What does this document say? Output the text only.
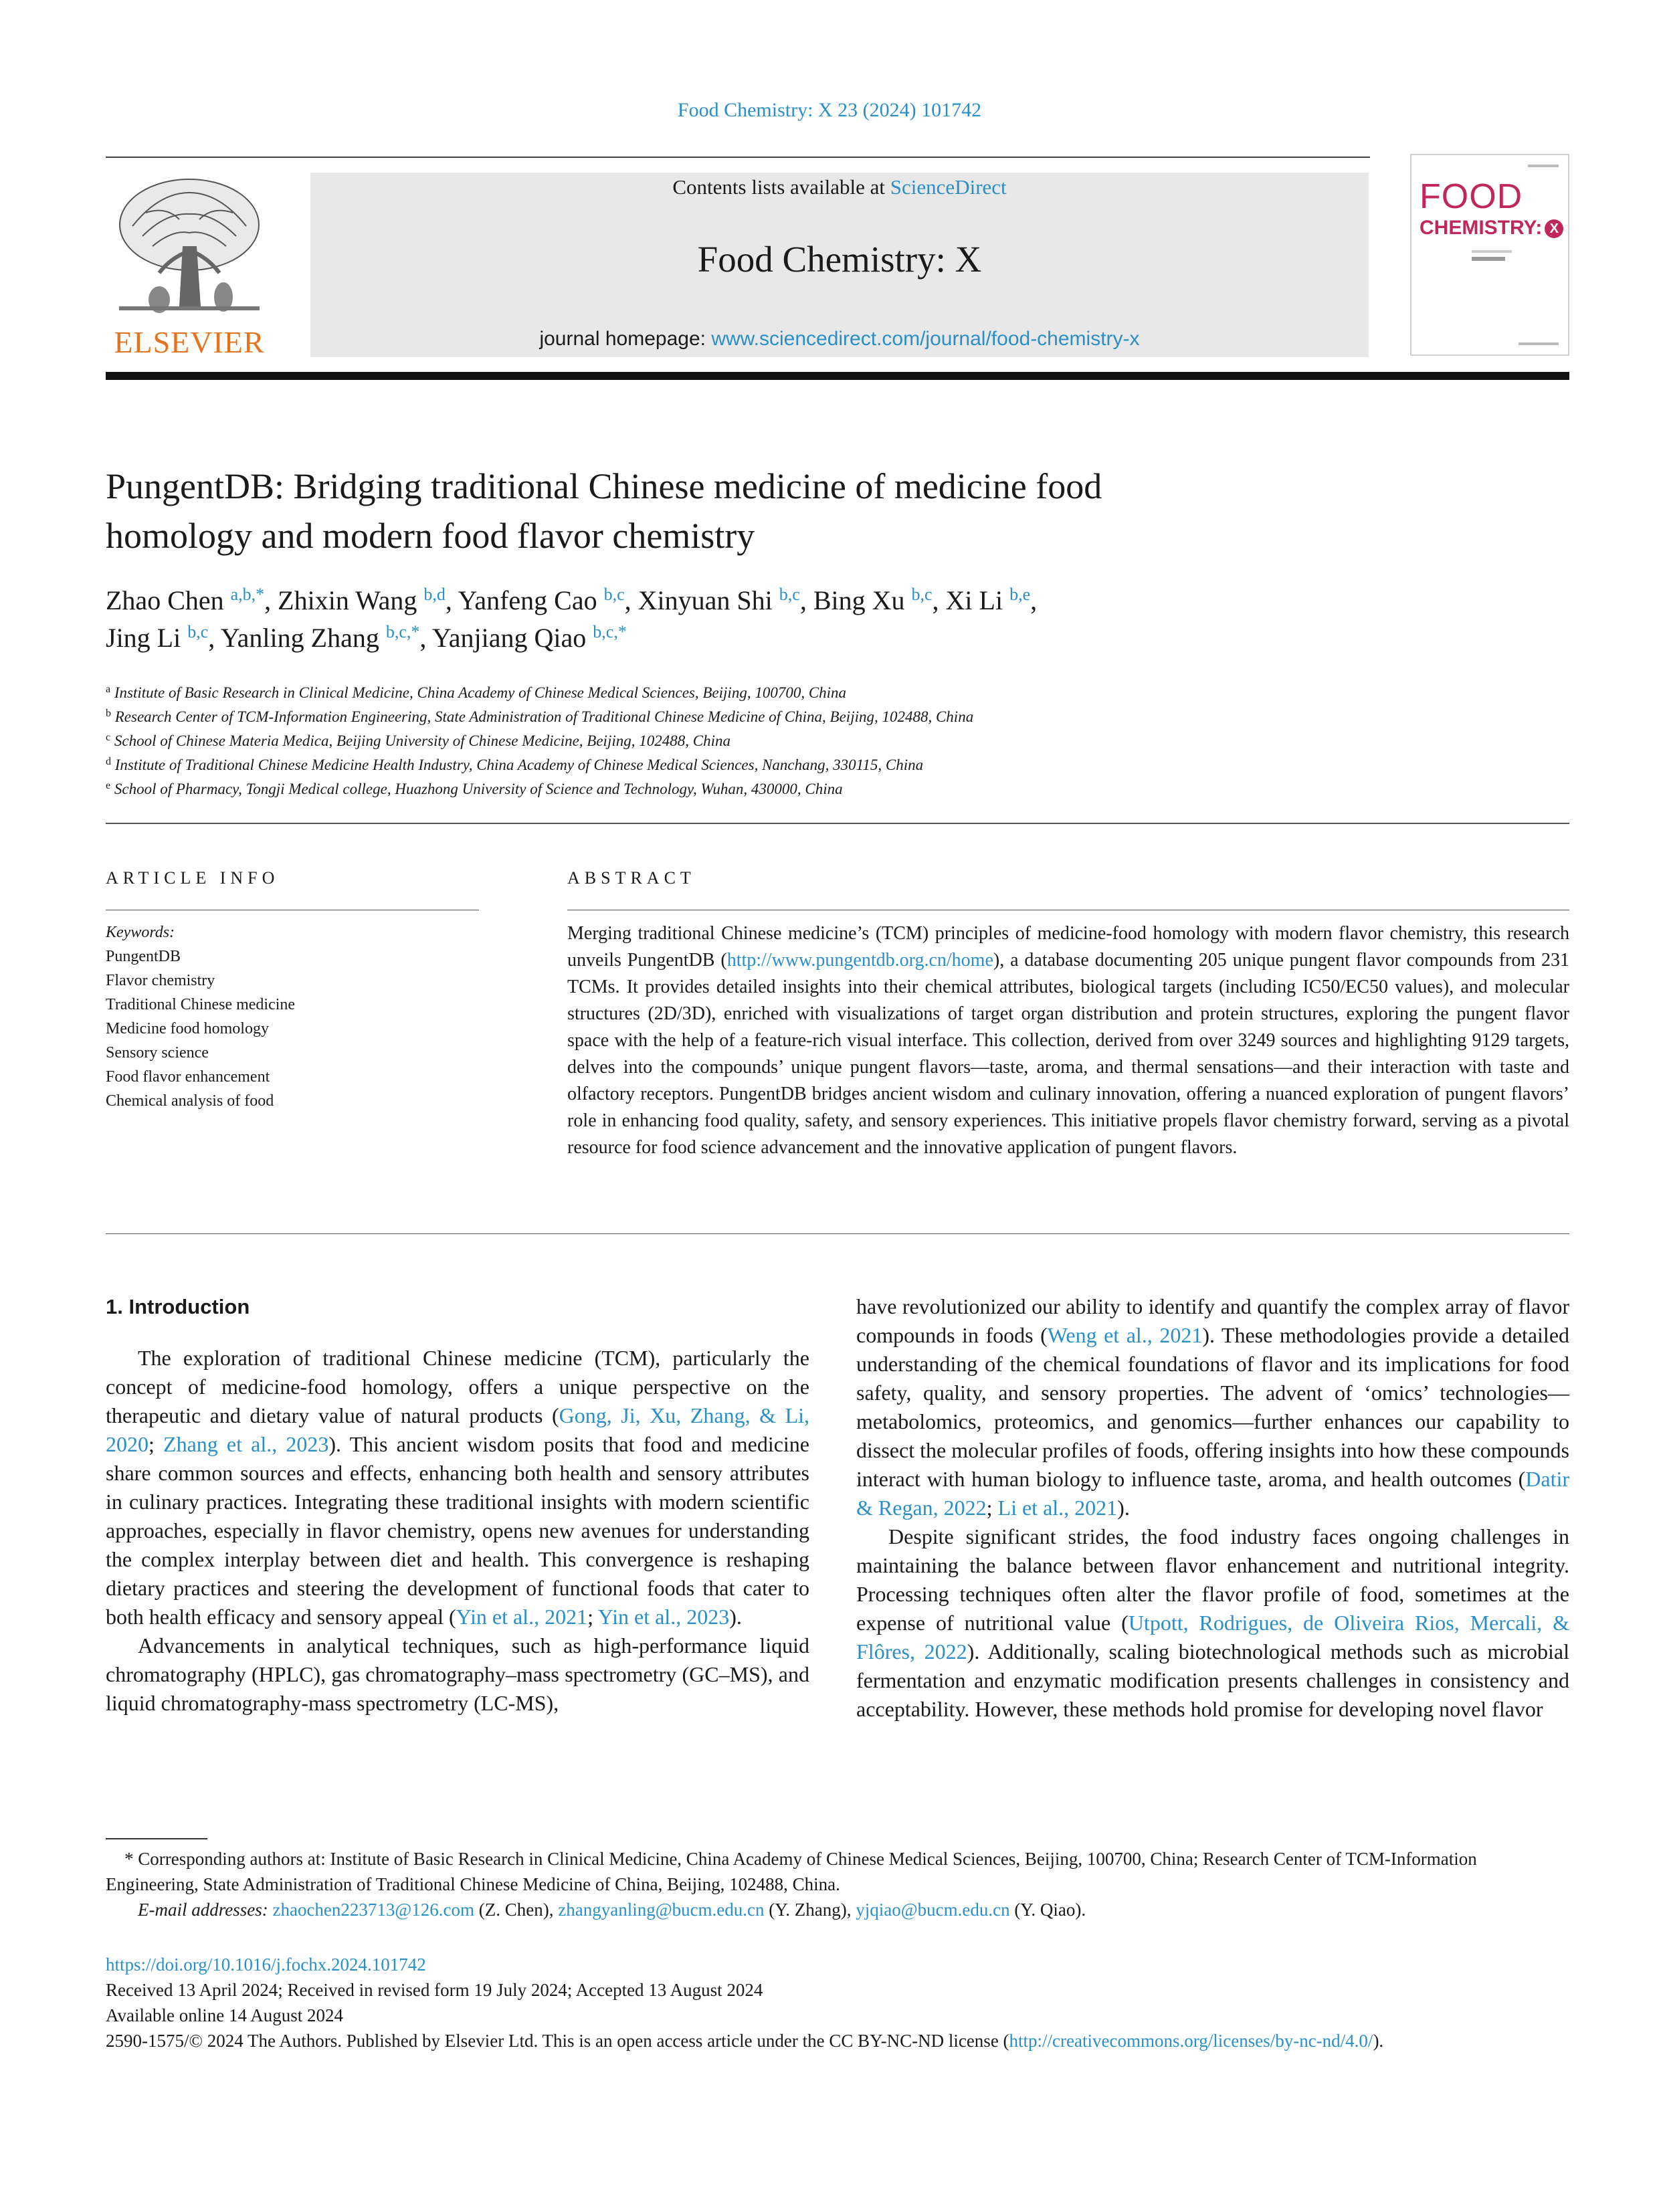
Food Chemistry: X 23 (2024) 101742
ELSEVIER
Contents lists available at ScienceDirect
Food Chemistry: X
journal homepage: www.sciencedirect.com/journal/food-chemistry-x
FOOD
CHEMISTRY: X
PungentDB: Bridging traditional Chinese medicine of medicine food
homology and modern food flavor chemistry
Zhao Chen $^{a,b,*}$, Zhixin Wang $^{b,d}$, Yanfeng Cao $^{b,c}$, Xinyuan Shi $^{b,c}$, Bing Xu $^{b,c}$, Xi Li $^{b,e}$,
Jing Li $^{b,c}$, Yanling Zhang $^{b,c,*}$, Yanjiang Qiao $^{b,c,*}$
$^a$ Institute of Basic Research in Clinical Medicine, China Academy of Chinese Medical Sciences, Beijing, 100700, China
$^b$ Research Center of TCM-Information Engineering, State Administration of Traditional Chinese Medicine of China, Beijing, 102488, China
$^c$ School of Chinese Materia Medica, Beijing University of Chinese Medicine, Beijing, 102488, China
$^d$ Institute of Traditional Chinese Medicine Health Industry, China Academy of Chinese Medical Sciences, Nanchang, 330115, China
$^e$ School of Pharmacy, Tongji Medical college, Huazhong University of Science and Technology, Wuhan, 430000, China
ARTICLE INFO	ABSTRACT
Keywords:
PungentDB
Flavor chemistry
Traditional Chinese medicine
Medicine food homology
Sensory science
Food flavor enhancement
Chemical analysis of food
Merging traditional Chinese medicine’s (TCM) principles of medicine-food homology with modern flavor chemistry, this research unveils PungentDB (http://www.pungentdb.org.cn/home), a database documenting 205 unique pungent flavor compounds from 231 TCMs. It provides detailed insights into their chemical attributes, biological targets (including IC50/EC50 values), and molecular structures (2D/3D), enriched with visualizations of target organ distribution and protein structures, exploring the pungent flavor space with the help of a feature-rich visual interface. This collection, derived from over 3249 sources and highlighting 9129 targets, delves into the compounds’ unique pungent flavors—taste, aroma, and thermal sensations—and their interaction with taste and olfactory receptors. PungentDB bridges ancient wisdom and culinary innovation, offering a nuanced exploration of pungent flavors’ role in enhancing food quality, safety, and sensory experiences. This initiative propels flavor chemistry forward, serving as a pivotal resource for food science advancement and the innovative application of pungent flavors.
1. Introduction

The exploration of traditional Chinese medicine (TCM), particularly the concept of medicine-food homology, offers a unique perspective on the therapeutic and dietary value of natural products (Gong, Ji, Xu, Zhang, & Li, 2020; Zhang et al., 2023). This ancient wisdom posits that food and medicine share common sources and effects, enhancing both health and sensory attributes in culinary practices. Integrating these traditional insights with modern scientific approaches, especially in flavor chemistry, opens new avenues for understanding the complex interplay between diet and health. This convergence is reshaping dietary practices and steering the development of functional foods that cater to both health efficacy and sensory appeal (Yin et al., 2021; Yin et al., 2023).

Advancements in analytical techniques, such as high-performance liquid chromatography (HPLC), gas chromatography–mass spectrometry (GC–MS), and liquid chromatography-mass spectrometry (LC-MS),

have revolutionized our ability to identify and quantify the complex array of flavor compounds in foods (Weng et al., 2021). These methodologies provide a detailed understanding of the chemical foundations of flavor and its implications for food safety, quality, and sensory properties. The advent of ‘omics’ technologies—metabolomics, proteomics, and genomics—further enhances our capability to dissect the molecular profiles of foods, offering insights into how these compounds interact with human biology to influence taste, aroma, and health outcomes (Datir & Regan, 2022; Li et al., 2021).

Despite significant strides, the food industry faces ongoing challenges in maintaining the balance between flavor enhancement and nutritional integrity. Processing techniques often alter the flavor profile of food, sometimes at the expense of nutritional value (Utpott, Rodrigues, de Oliveira Rios, Mercali, & Flôres, 2022). Additionally, scaling biotechnological methods such as microbial fermentation and enzymatic modification presents challenges in consistency and acceptability. However, these methods hold promise for developing novel flavor

* Corresponding authors at: Institute of Basic Research in Clinical Medicine, China Academy of Chinese Medical Sciences, Beijing, 100700, China; Research Center of TCM-Information Engineering, State Administration of Traditional Chinese Medicine of China, Beijing, 102488, China.
E-mail addresses: zhaochen223713@126.com (Z. Chen), zhangyanling@bucm.edu.cn (Y. Zhang), yjqiao@bucm.edu.cn (Y. Qiao).
https://doi.org/10.1016/j.fochx.2024.101742
Received 13 April 2024; Received in revised form 19 July 2024; Accepted 13 August 2024
Available online 14 August 2024
2590-1575/© 2024 The Authors. Published by Elsevier Ltd. This is an open access article under the CC BY-NC-ND license (http://creativecommons.org/licenses/by-nc-nd/4.0/).
